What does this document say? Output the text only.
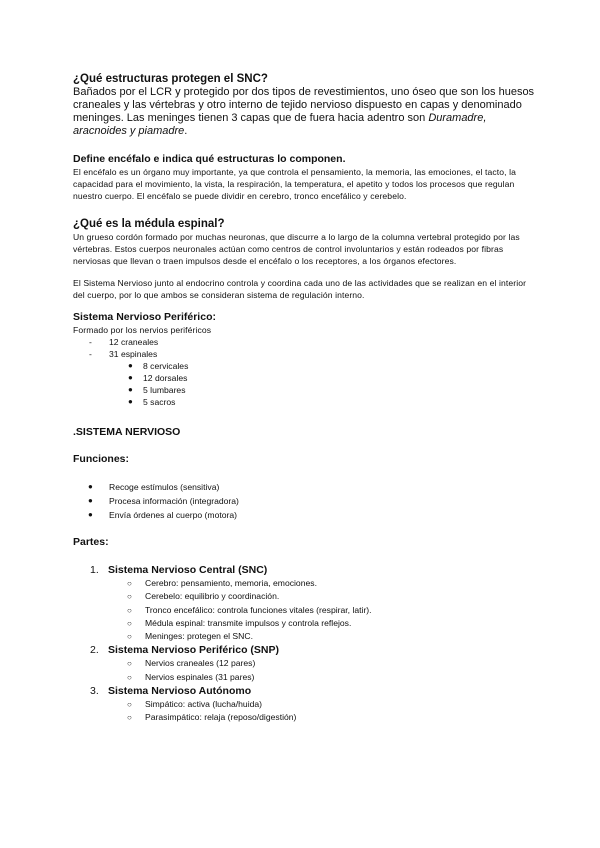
¿Qué estructuras protegen el SNC?

Bañados por el LCR y protegido por dos tipos de revestimientos, uno óseo que son los huesos craneales y las vértebras y otro interno de tejido nervioso dispuesto en capas y denominado meninges. Las meninges tienen 3 capas que de fuera hacia adentro son Duramadre, aracnoides y piamadre.

Define encéfalo e indica qué estructuras lo componen.

El encéfalo es un órgano muy importante, ya que controla el pensamiento, la memoria, las emociones, el tacto, la capacidad para el movimiento, la vista, la respiración, la temperatura, el apetito y todos los procesos que regulan nuestro cuerpo. El encéfalo se puede dividir en cerebro, tronco encefálico y cerebelo.

¿Qué es la médula espinal?

Un grueso cordón formado por muchas neuronas, que discurre a lo largo de la columna vertebral protegido por las vértebras. Estos cuerpos neuronales actúan como centros de control involuntarios y están rodeados por fibras nerviosas que llevan o traen impulsos desde el encéfalo o los receptores, a los órganos efectores.

El Sistema Nervioso junto al endocrino controla y coordina cada uno de las actividades que se realizan en el interior del cuerpo, por lo que ambos se consideran sistema de regulación interno.

Sistema Nervioso Periférico:

Formado por los nervios periféricos

- 12 craneales
- 31 espinales
● 8 cervicales
● 12 dorsales
● 5 lumbares
● 5 sacros

.SISTEMA NERVIOSO

Funciones:

● Recoge estímulos (sensitiva)
● Procesa información (integradora)
● Envía órdenes al cuerpo (motora)

Partes:

1. Sistema Nervioso Central (SNC)
○ Cerebro: pensamiento, memoria, emociones.
○ Cerebelo: equilibrio y coordinación.
○ Tronco encefálico: controla funciones vitales (respirar, latir).
○ Médula espinal: transmite impulsos y controla reflejos.
○ Meninges: protegen el SNC.
2. Sistema Nervioso Periférico (SNP)
○ Nervios craneales (12 pares)
○ Nervios espinales (31 pares)
3. Sistema Nervioso Autónomo
○ Simpático: activa (lucha/huida)
○ Parasimpático: relaja (reposo/digestión)
